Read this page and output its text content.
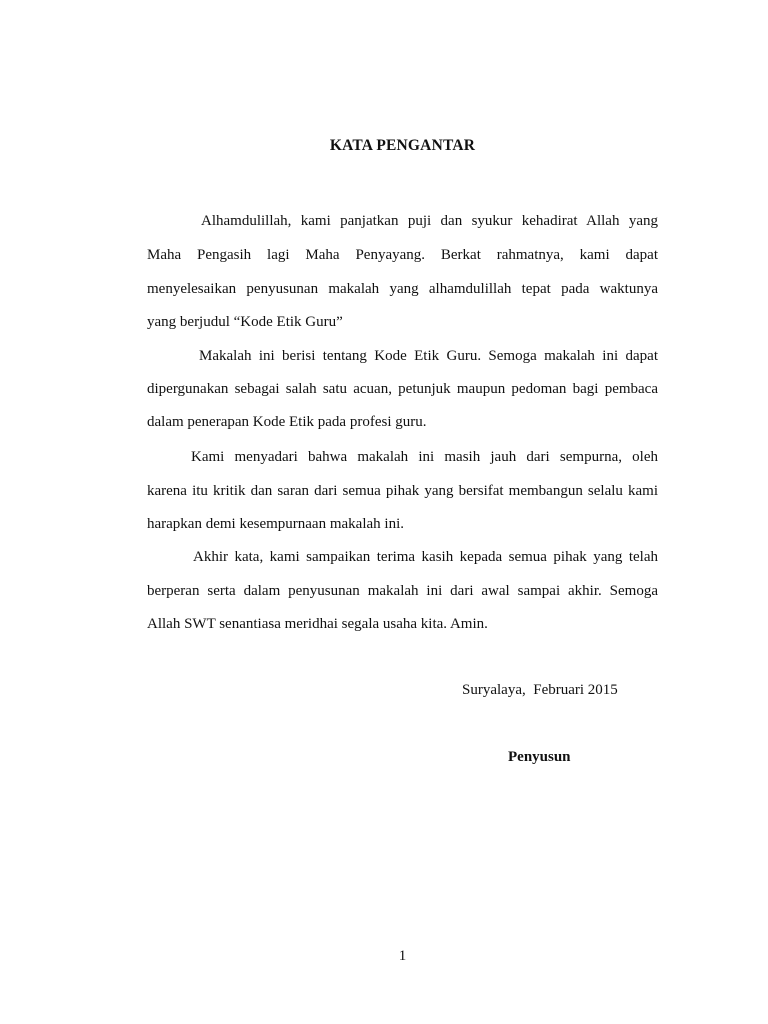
KATA PENGANTAR
Alhamdulillah, kami panjatkan puji dan syukur kehadirat Allah yang
Maha Pengasih lagi Maha Penyayang. Berkat rahmatnya, kami dapat
menyelesaikan penyusunan makalah yang alhamdulillah tepat pada waktunya
yang berjudul “Kode Etik Guru”
Makalah ini berisi tentang Kode Etik Guru. Semoga makalah ini dapat
dipergunakan sebagai salah satu acuan, petunjuk maupun pedoman bagi pembaca
dalam penerapan Kode Etik pada profesi guru.
Kami menyadari bahwa makalah ini masih jauh dari sempurna, oleh
karena itu kritik dan saran dari semua pihak yang bersifat membangun selalu kami
harapkan demi kesempurnaan makalah ini.
Akhir kata, kami sampaikan terima kasih kepada semua pihak yang telah
berperan serta dalam penyusunan makalah ini dari awal sampai akhir. Semoga
Allah SWT senantiasa meridhai segala usaha kita. Amin.
Suryalaya,  Februari 2015
Penyusun
1
